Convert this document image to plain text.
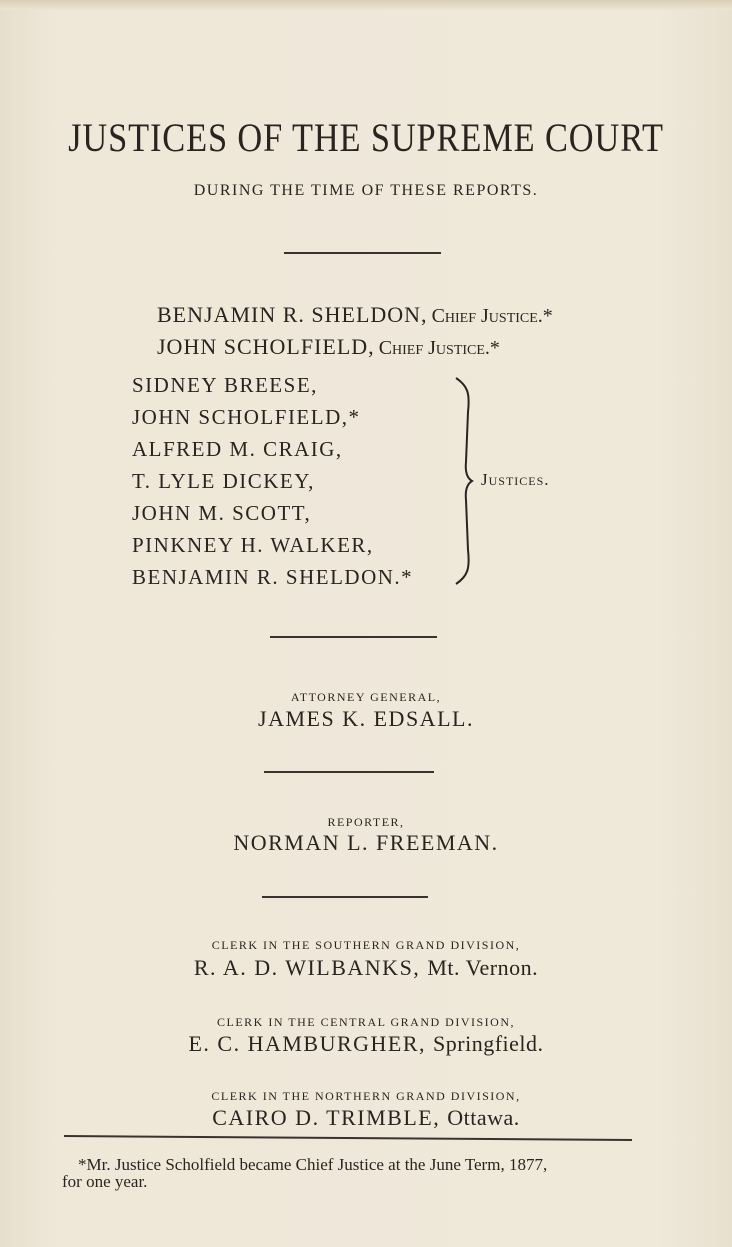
JUSTICES OF THE SUPREME COURT
DURING THE TIME OF THESE REPORTS.
BENJAMIN R. SHELDON, Chief Justice.*
JOHN SCHOLFIELD, Chief Justice.*
SIDNEY BREESE,
JOHN SCHOLFIELD,*
ALFRED M. CRAIG,
T. LYLE DICKEY,
JOHN M. SCOTT,
PINKNEY H. WALKER,
BENJAMIN R. SHELDON.*
Justices.
ATTORNEY GENERAL,
JAMES K. EDSALL.
REPORTER,
NORMAN L. FREEMAN.
CLERK IN THE SOUTHERN GRAND DIVISION,
R. A. D. WILBANKS, Mt. Vernon.
CLERK IN THE CENTRAL GRAND DIVISION,
E. C. HAMBURGHER, Springfield.
CLERK IN THE NORTHERN GRAND DIVISION,
CAIRO D. TRIMBLE, Ottawa.
*Mr. Justice Scholfield became Chief Justice at the June Term, 1877,
for one year.
